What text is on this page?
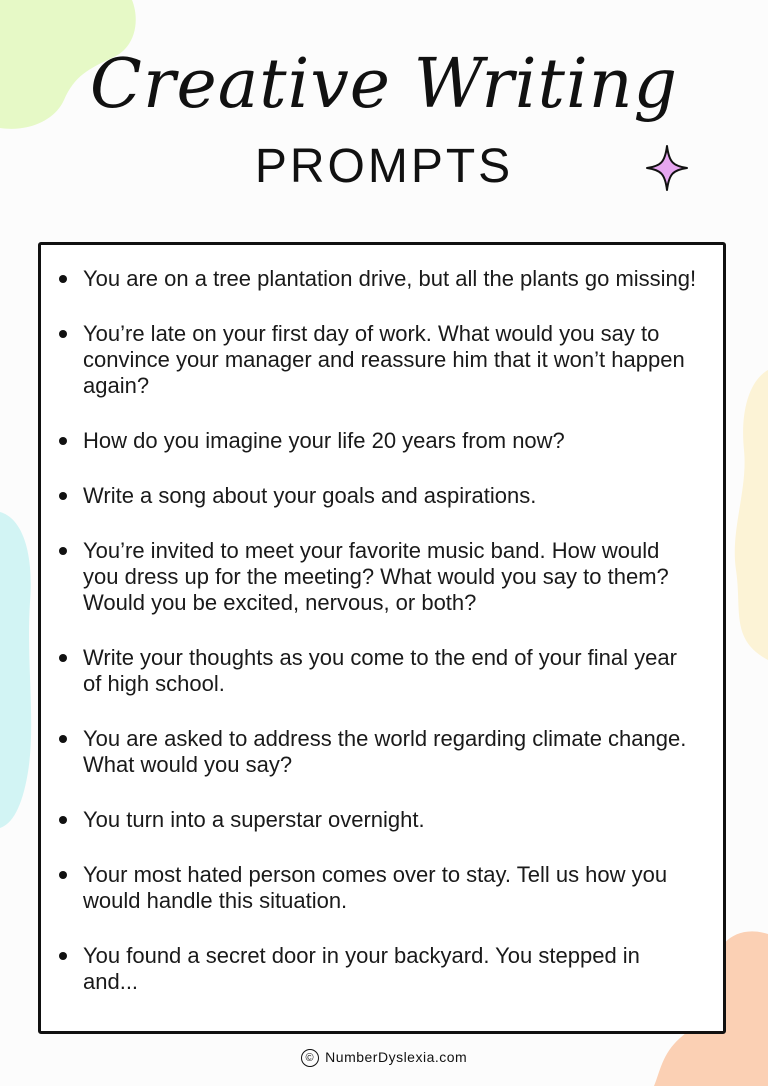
Creative Writing
PROMPTS
You are on a tree plantation drive, but all the plants go missing!
You’re late on your first day of work. What would you say to convince your manager and reassure him that it won’t happen again?
How do you imagine your life 20 years from now?
Write a song about your goals and aspirations.
You’re invited to meet your favorite music band. How would you dress up for the meeting? What would you say to them? Would you be excited, nervous, or both?
Write your thoughts as you come to the end of your final year of high school.
You are asked to address the world regarding climate change. What would you say?
You turn into a superstar overnight.
Your most hated person comes over to stay. Tell us how you would handle this situation.
You found a secret door in your backyard. You stepped in and...
© NumberDyslexia.com
